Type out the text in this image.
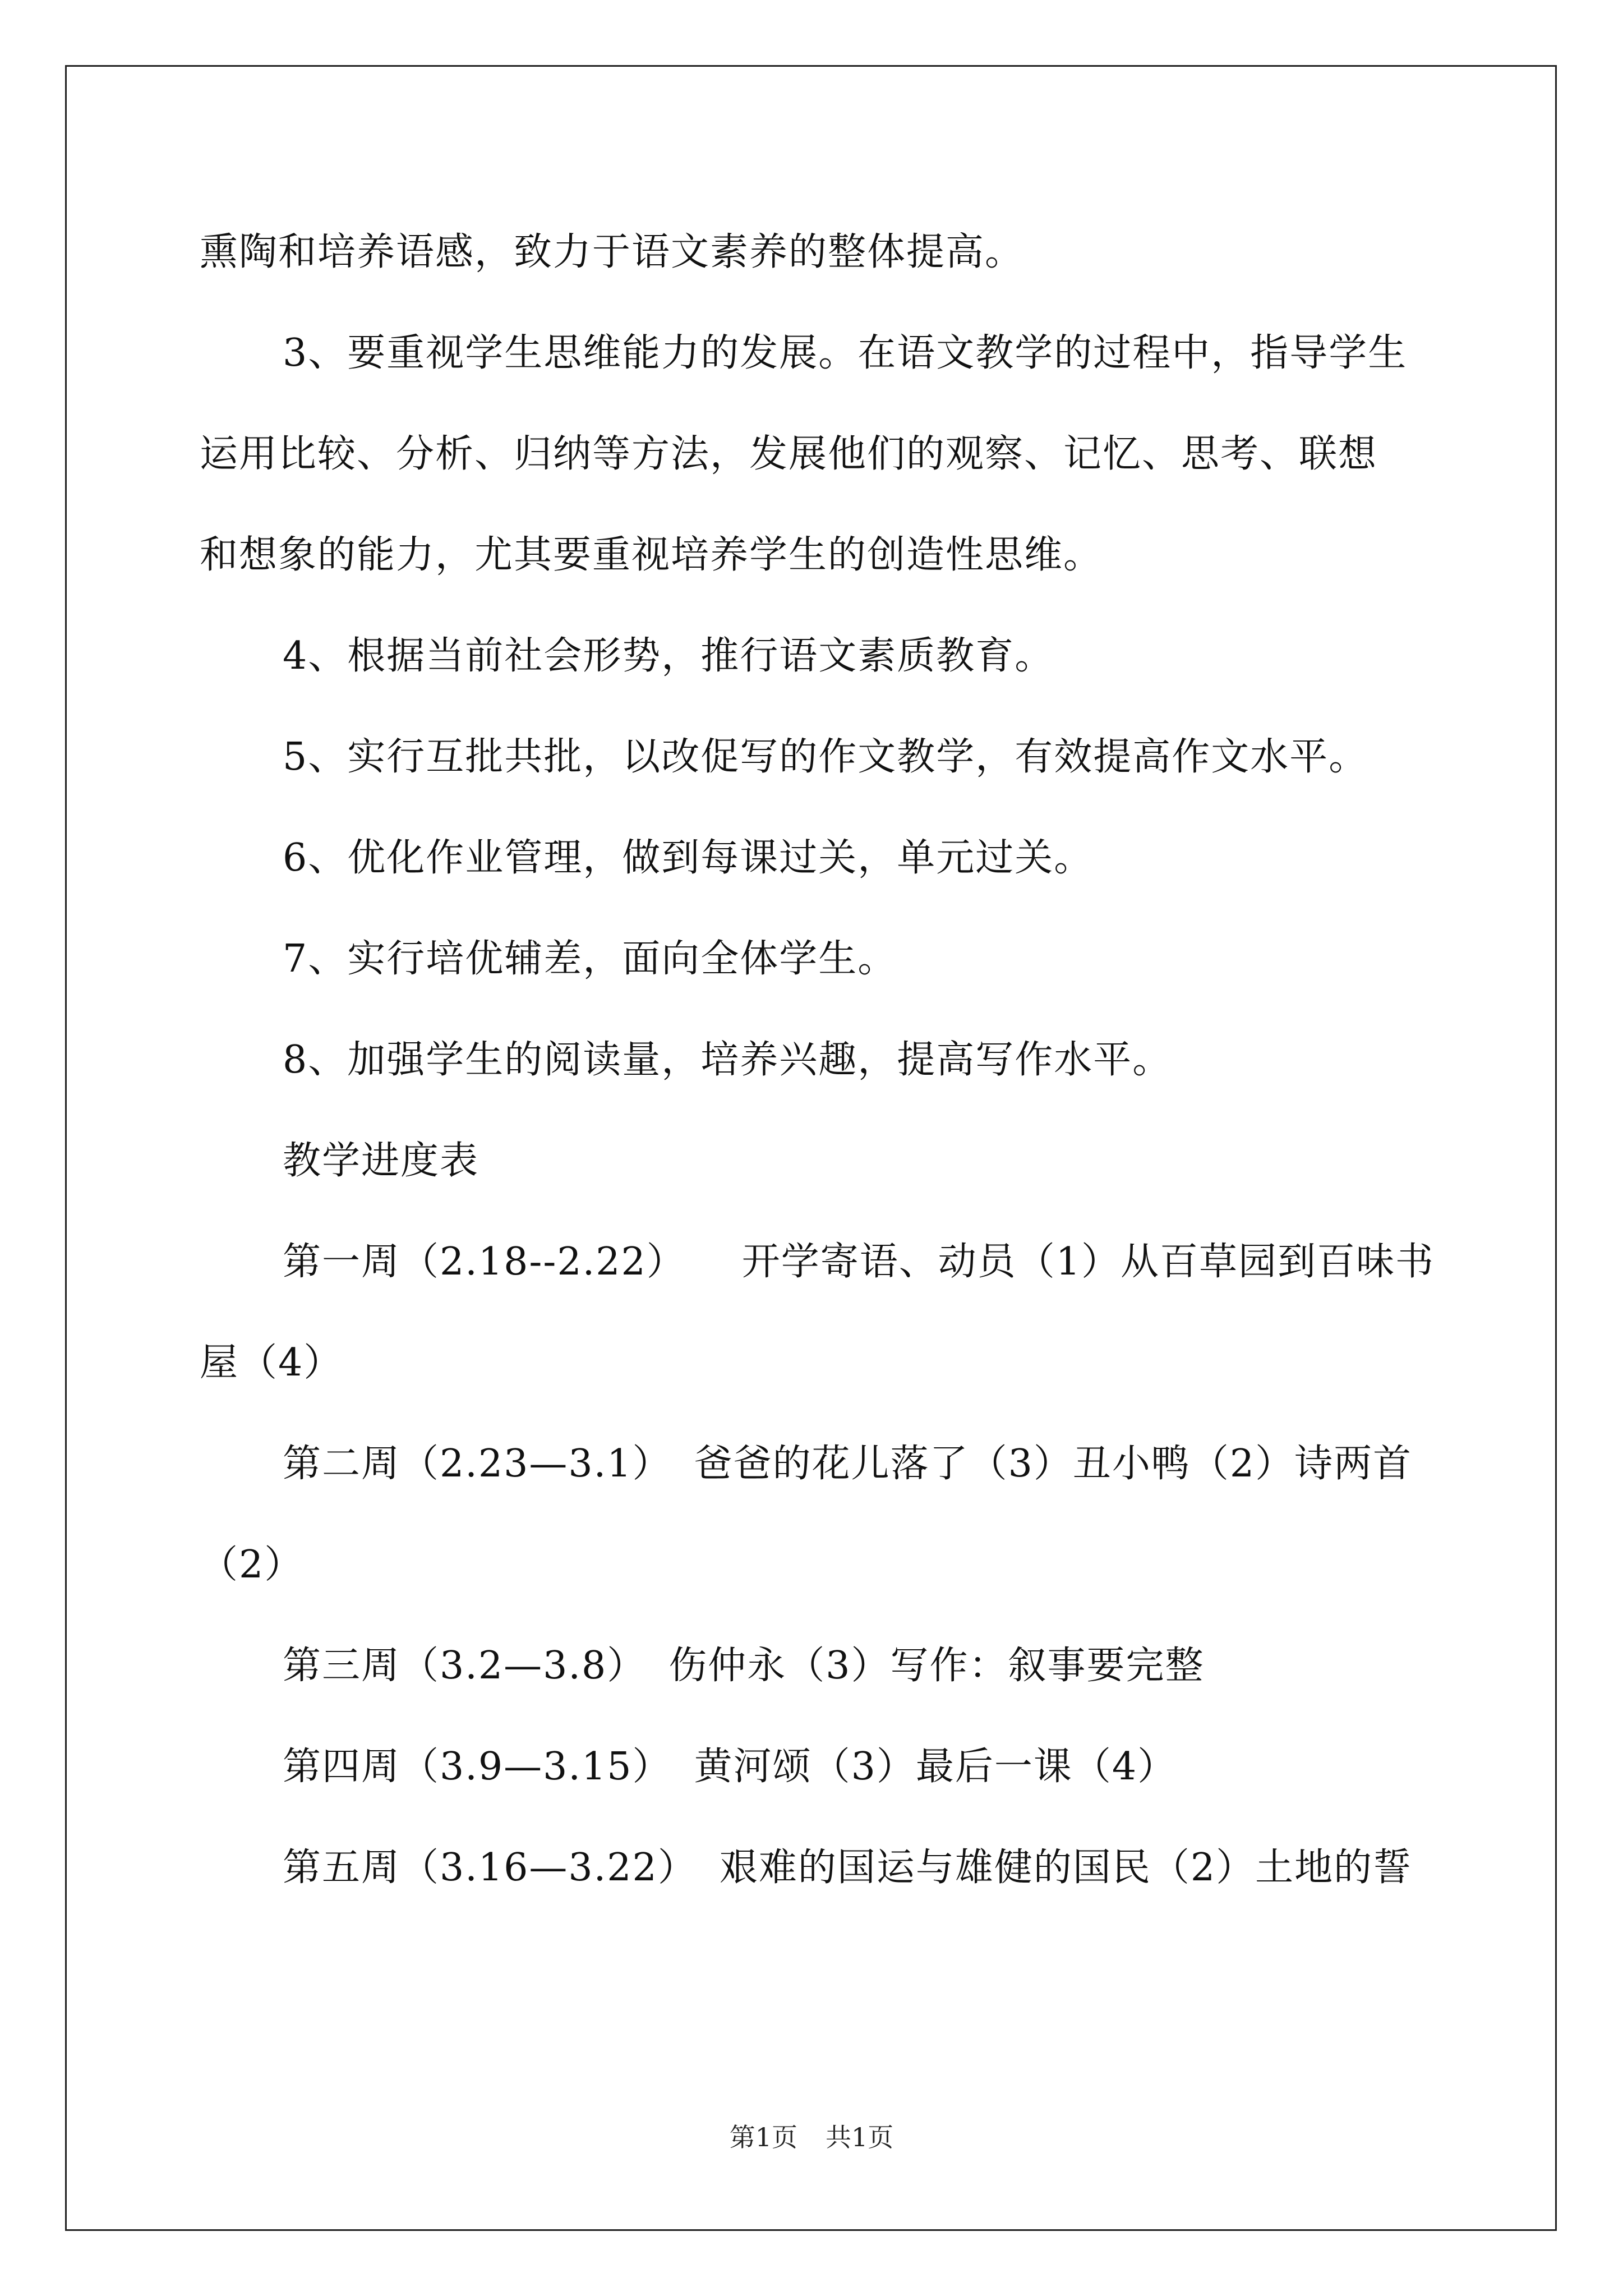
熏陶和培养语感，致力于语文素养的整体提高。
3、要重视学生思维能力的发展。在语文教学的过程中，指导学生
运用比较、分析、归纳等方法，发展他们的观察、记忆、思考、联想
和想象的能力，尤其要重视培养学生的创造性思维。
4、根据当前社会形势，推行语文素质教育。
5、实行互批共批，以改促写的作文教学，有效提高作文水平。
6、优化作业管理，做到每课过关，单元过关。
7、实行培优辅差，面向全体学生。
8、加强学生的阅读量，培养兴趣，提高写作水平。
教学进度表
第一周（2.18--2.22） 开学寄语、动员（1）从百草园到百味书
屋（4）
第二周（2.23—3.1） 爸爸的花儿落了（3）丑小鸭（2）诗两首
（2）
第三周（3.2—3.8） 伤仲永（3）写作：叙事要完整
第四周（3.9—3.15） 黄河颂（3）最后一课（4）
第五周（3.16—3.22） 艰难的国运与雄健的国民（2）土地的誓
第1页 共1页
